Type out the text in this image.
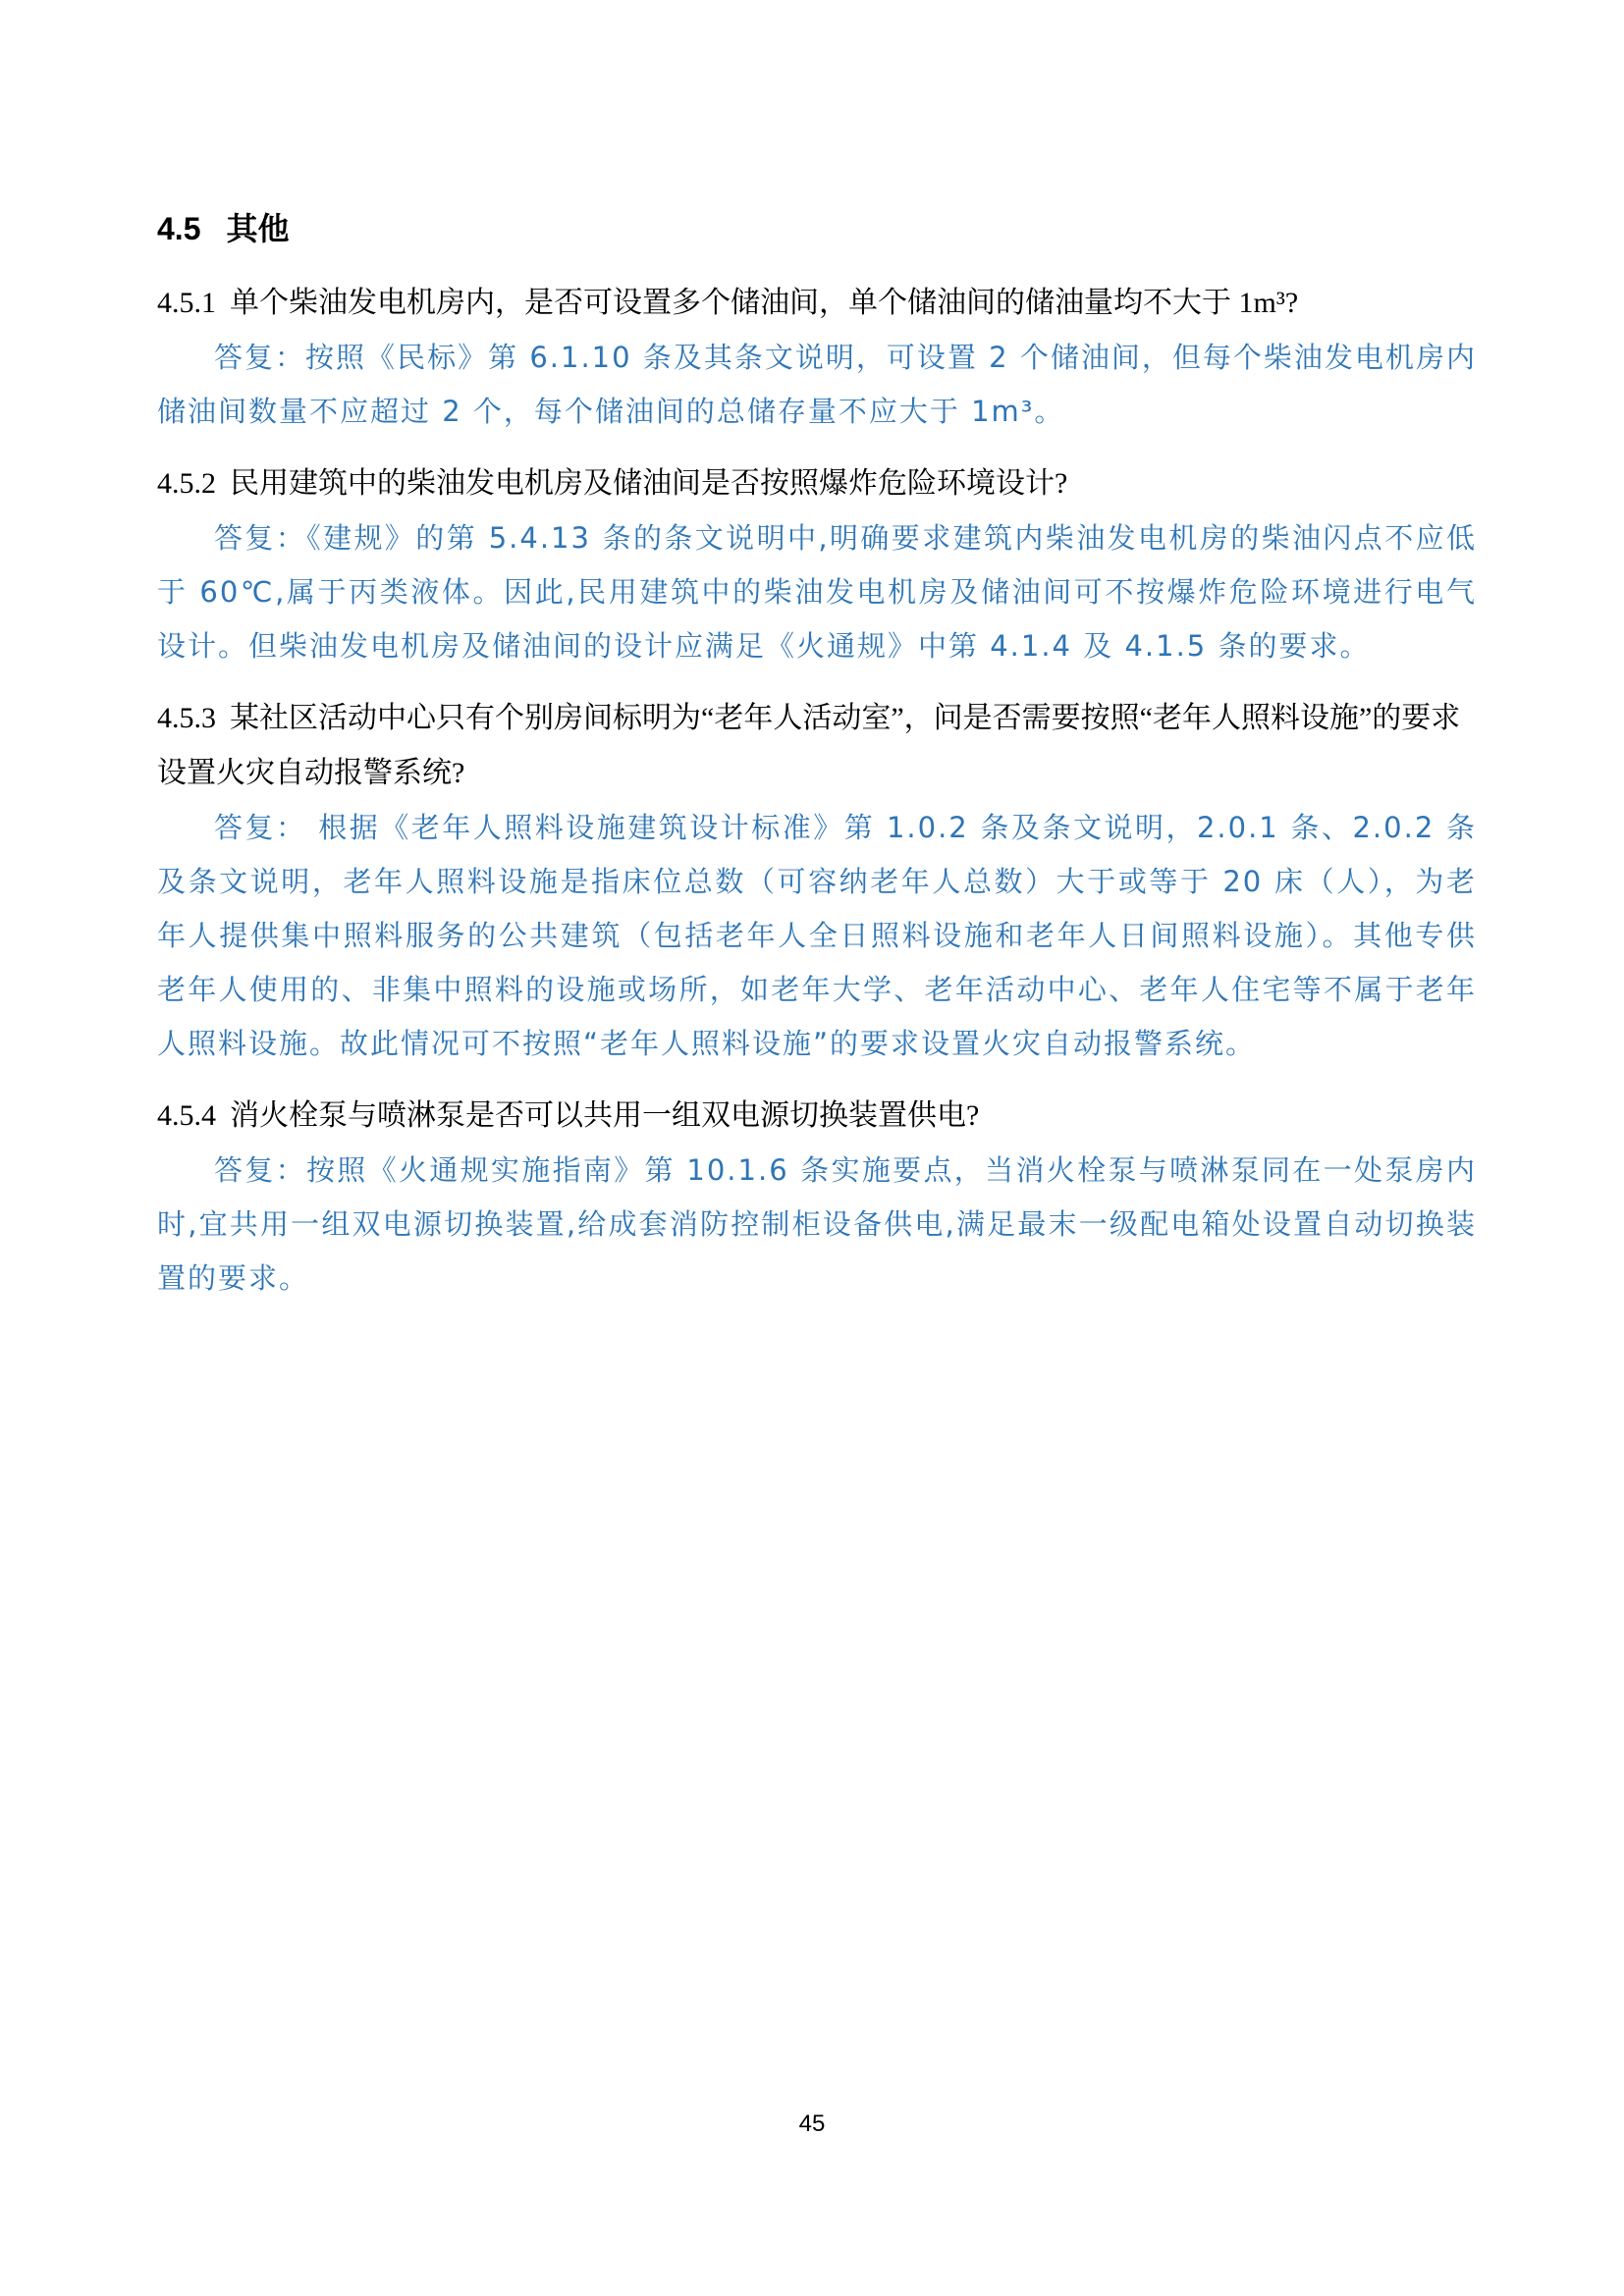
4.5 其他

4.5.1 单个柴油发电机房内，是否可设置多个储油间，单个储油间的储油量均不大于 1m³?

答复：按照《民标》第 6.1.10 条及其条文说明，可设置 2 个储油间，但每个柴油发电机房内储油间数量不应超过 2 个，每个储油间的总储存量不应大于 1m³。

4.5.2 民用建筑中的柴油发电机房及储油间是否按照爆炸危险环境设计?

答复：《建规》的第 5.4.13 条的条文说明中,明确要求建筑内柴油发电机房的柴油闪点不应低于 60℃,属于丙类液体。因此,民用建筑中的柴油发电机房及储油间可不按爆炸危险环境进行电气设计。但柴油发电机房及储油间的设计应满足《火通规》中第 4.1.4 及 4.1.5 条的要求。

4.5.3 某社区活动中心只有个别房间标明为“老年人活动室”，问是否需要按照“老年人照料设施”的要求设置火灾自动报警系统?

答复： 根据《老年人照料设施建筑设计标准》第 1.0.2 条及条文说明，2.0.1 条、2.0.2 条及条文说明，老年人照料设施是指床位总数（可容纳老年人总数）大于或等于 20 床（人），为老年人提供集中照料服务的公共建筑（包括老年人全日照料设施和老年人日间照料设施）。其他专供老年人使用的、非集中照料的设施或场所，如老年大学、老年活动中心、老年人住宅等不属于老年人照料设施。故此情况可不按照“老年人照料设施”的要求设置火灾自动报警系统。

4.5.4 消火栓泵与喷淋泵是否可以共用一组双电源切换装置供电?

答复：按照《火通规实施指南》第 10.1.6 条实施要点，当消火栓泵与喷淋泵同在一处泵房内时,宜共用一组双电源切换装置,给成套消防控制柜设备供电,满足最末一级配电箱处设置自动切换装置的要求。

45
